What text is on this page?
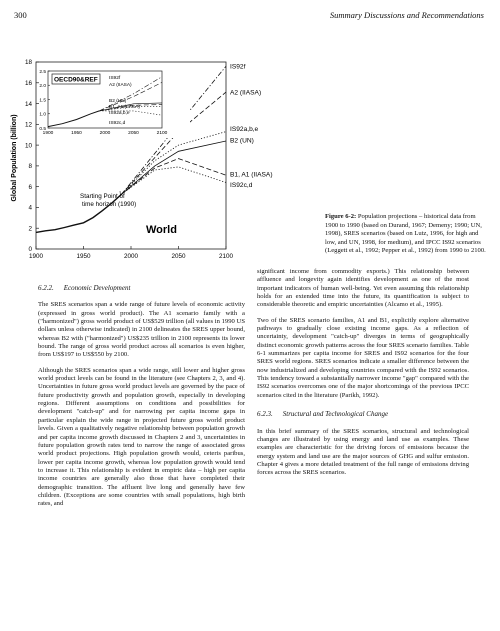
300	Summary Discussions and Recommendations
0
2
4
6
8
10
12
14
16
18
1900	1950	2000	2050	2100
IS92f
A2 (IIASA)
IS92a,b,e
B2 (UN)
B1, A1 (IIASA)
IS92c,d
0.5
1.0
1.5
2.0
2.5
1900	1950	2000	2050	2100
OECD90&REF IS92f
A2 (IIASA)
B2 (UN)
B1, A1 (IIASA)
IS92a,b,e
IS92c,d
Global Population (billion)
World
Starting Point of
time horizon (1990)
Figure 6-2: Population projections – historical data from 1900 to 1990 (based on Durand, 1967; Demeny; 1990; UN, 1998), SRES scenarios (based on Lutz, 1996, for high and low, and UN, 1998, for medium), and IPCC IS92 scenarios (Leggett et al., 1992; Pepper et al., 1992) from 1990 to 2100.
6.2.2. Economic Development

The SRES scenarios span a wide range of future levels of economic activity (expressed in gross world product). The A1 scenario family with a ("harmonized") gross world product of US$529 trillion (all values in 1990 US dollars unless otherwise indicated) in 2100 delineates the SRES upper bound, whereas B2 with ("harmonized") US$235 trillion in 2100 represents its lower bound. The range of gross world product across all scenarios is even higher, from US$197 to US$550 by 2100.

Although the SRES scenarios span a wide range, still lower and higher gross world product levels can be found in the literature (see Chapters 2, 3, and 4). Uncertainties in future gross world product levels are governed by the pace of future productivity growth and population growth, especially in developing regions. Different assumptions on conditions and possibilities for development "catch-up" and for narrowing per capita income gaps in particular explain the wide range in projected future gross world product levels. Given a qualitatively negative relationship between population growth and per capita income growth discussed in Chapters 2 and 3, uncertainties in future population growth rates tend to narrow the range of associated gross world product projections. High population growth would, ceteris paribus, lower per capita income growth, whereas low population growth would tend to increase it. This relationship is evident in empiric data – high per capita income countries are generally also those that have completed their demographic transition. The affluent live long and generally have few children. (Exceptions are some countries with small populations, high birth rates, and

significant income from commodity exports.) This relationship between affluence and longevity again identifies development as one of the most important indicators of human well-being. Yet even assuming this relationship holds for an extended time into the future, its quantification is subject to considerable theoretic and empiric uncertainties (Alcamo et al., 1995).

Two of the SRES scenario families, A1 and B1, explicitly explore alternative pathways to gradually close existing income gaps. As a reflection of uncertainty, development "catch-up" diverges in terms of geographically distinct economic growth patterns across the four SRES scenario families. Table 6-1 summarizes per capita income for SRES and IS92 scenarios for the four SRES world regions. SRES scenarios indicate a smaller difference between the now industrialized and developing countries compared with the IS92 scenarios. This tendency toward a substantially narrower income "gap" compared with the IS92 scenarios overcomes one of the major shortcomings of the previous IPCC scenarios cited in the literature (Parikh, 1992).

6.2.3. Structural and Technological Change

In this brief summary of the SRES scenarios, structural and technological changes are illustrated by using energy and land use as examples. These examples are characteristic for the driving forces of emissions because the energy system and land use are the major sources of GHG and sulfur emission. Chapter 4 gives a more detailed treatment of the full range of emissions driving forces across the SRES scenarios.
